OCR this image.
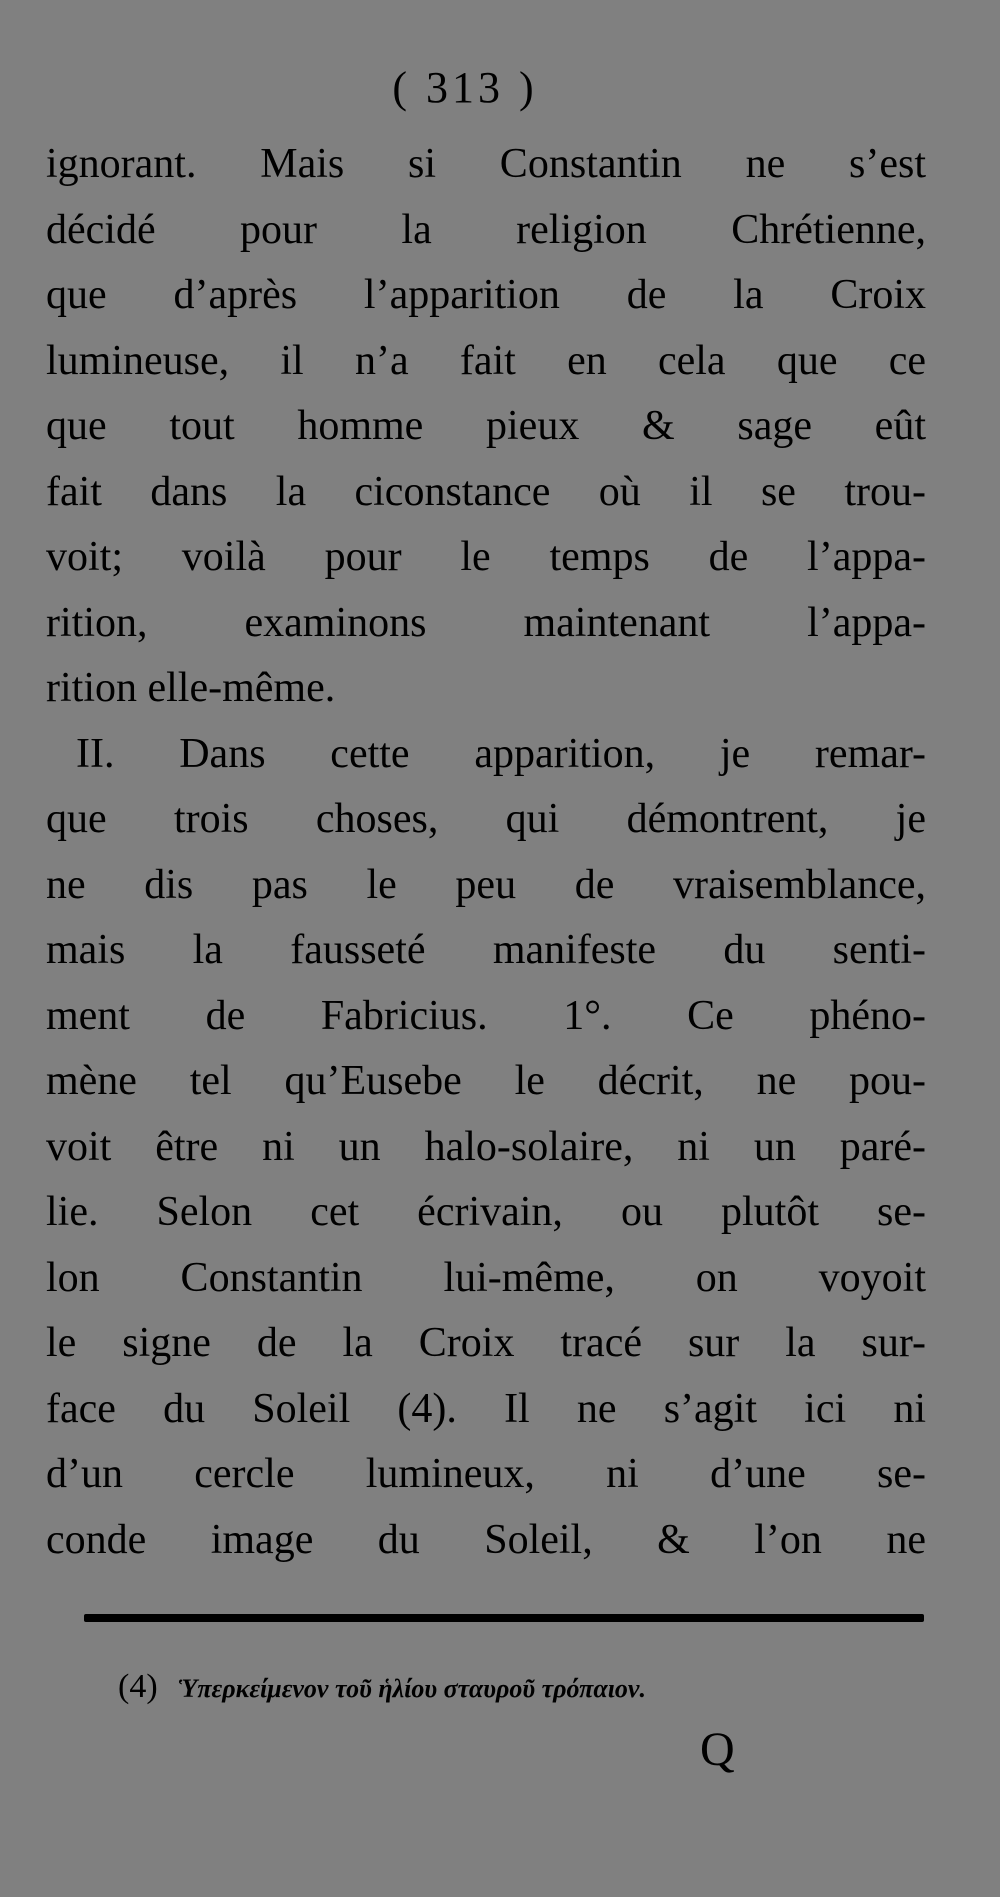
( 313 )
ignorant. Mais si Constantin ne s’est
décidé pour la religion Chrétienne,
que d’après l’apparition de la Croix
lumineuse, il n’a fait en cela que ce
que tout homme pieux & sage eût
fait dans la ciconstance où il se trou-
voit; voilà pour le temps de l’appa-
rition, examinons maintenant l’appa-
rition elle-même.
II. Dans cette apparition, je remar-
que trois choses, qui démontrent, je
ne dis pas le peu de vraisemblance,
mais la fausseté manifeste du senti-
ment de Fabricius. 1°. Ce phéno-
mène tel qu’Eusebe le décrit, ne pou-
voit être ni un halo-solaire, ni un paré-
lie. Selon cet écrivain, ou plutôt se-
lon Constantin lui-même, on voyoit
le signe de la Croix tracé sur la sur-
face du Soleil (4). Il ne s’agit ici ni
d’un cercle lumineux, ni d’une se-
conde image du Soleil, & l’on ne
(4) Ὑπερκείμενον τοῦ ἡλίου σταυροῦ τρόπαιον.
Q
